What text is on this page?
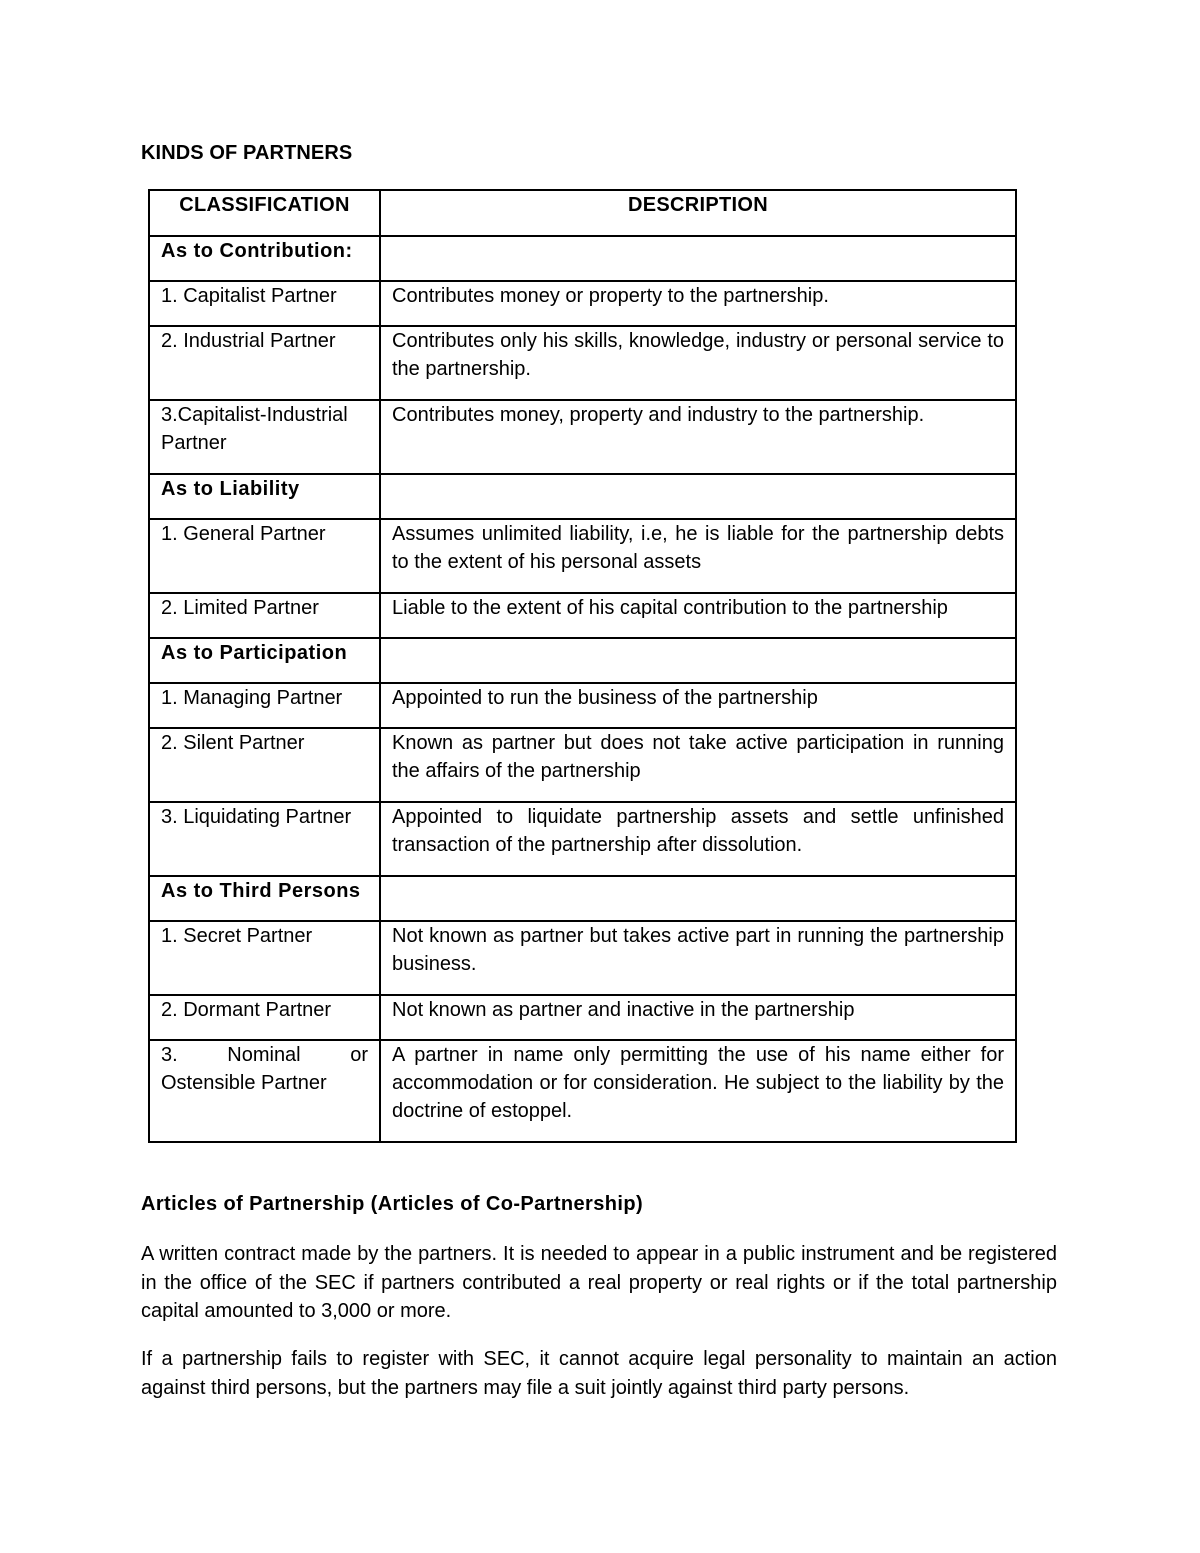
KINDS OF PARTNERS
CLASSIFICATION	DESCRIPTION
As to Contribution:	
1. Capitalist Partner	Contributes money or property to the partnership.
2. Industrial Partner	Contributes only his skills, knowledge, industry or personal service to the partnership.
3.Capitalist-Industrial Partner	Contributes money, property and industry to the partnership.
As to Liability	
1. General Partner	Assumes unlimited liability, i.e, he is liable for the partnership debts to the extent of his personal assets
2. Limited Partner	Liable to the extent of his capital contribution to the partnership
As to Participation	
1. Managing Partner	Appointed to run the business of the partnership
2. Silent Partner	Known as partner but does not take active participation in running the affairs of the partnership
3. Liquidating Partner	Appointed to liquidate partnership assets and settle unfinished transaction of the partnership after dissolution.
As to Third Persons	
1. Secret Partner	Not known as partner but takes active part in running the partnership business.
2. Dormant Partner	Not known as partner and inactive in the partnership
3. Nominal or Ostensible Partner	A partner in name only permitting the use of his name either for accommodation or for consideration. He subject to the liability by the doctrine of estoppel.
Articles of Partnership (Articles of Co-Partnership)

A written contract made by the partners. It is needed to appear in a public instrument and be registered in the office of the SEC if partners contributed a real property or real rights or if the total partnership capital amounted to 3,000 or more.

If a partnership fails to register with SEC, it cannot acquire legal personality to maintain an action against third persons, but the partners may file a suit jointly against third party persons.
